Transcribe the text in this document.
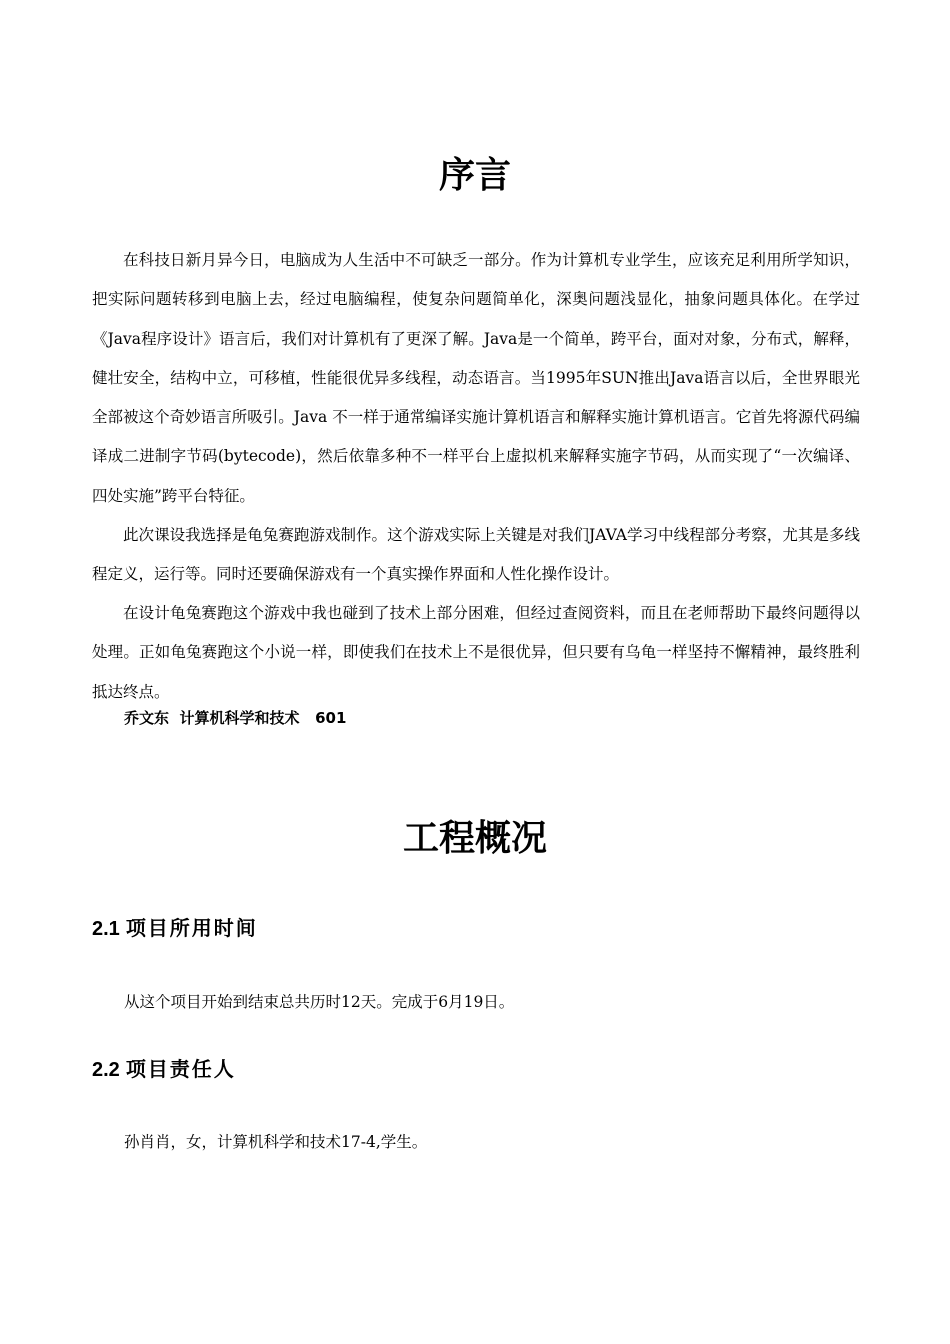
序言

在科技日新月异今日，电脑成为人生活中不可缺乏一部分。作为计算机专业学生，应该充足利用所学知识，把实际问题转移到电脑上去，经过电脑编程，使复杂问题简单化，深奥问题浅显化，抽象问题具体化。在学过《Java程序设计》语言后，我们对计算机有了更深了解。Java是一个简单，跨平台，面对对象，分布式，解释，健壮安全，结构中立，可移植，性能很优异多线程，动态语言。当1995年SUN推出Java语言以后，全世界眼光全部被这个奇妙语言所吸引。Java 不一样于通常编译实施计算机语言和解释实施计算机语言。它首先将源代码编译成二进制字节码(bytecode)，然后依靠多种不一样平台上虚拟机来解释实施字节码，从而实现了“一次编译、四处实施”跨平台特征。

此次课设我选择是龟兔赛跑游戏制作。这个游戏实际上关键是对我们JAVA学习中线程部分考察，尤其是多线程定义，运行等。同时还要确保游戏有一个真实操作界面和人性化操作设计。

在设计龟兔赛跑这个游戏中我也碰到了技术上部分困难，但经过查阅资料，而且在老师帮助下最终问题得以处理。正如龟兔赛跑这个小说一样，即使我们在技术上不是很优异，但只要有乌龟一样坚持不懈精神，最终胜利抵达终点。

乔文东  计算机科学和技术   601

工程概况
2.1 项目所用时间

从这个项目开始到结束总共历时12天。完成于6月19日。

2.2 项目责任人

孙肖肖，女，计算机科学和技术17-4,学生。
